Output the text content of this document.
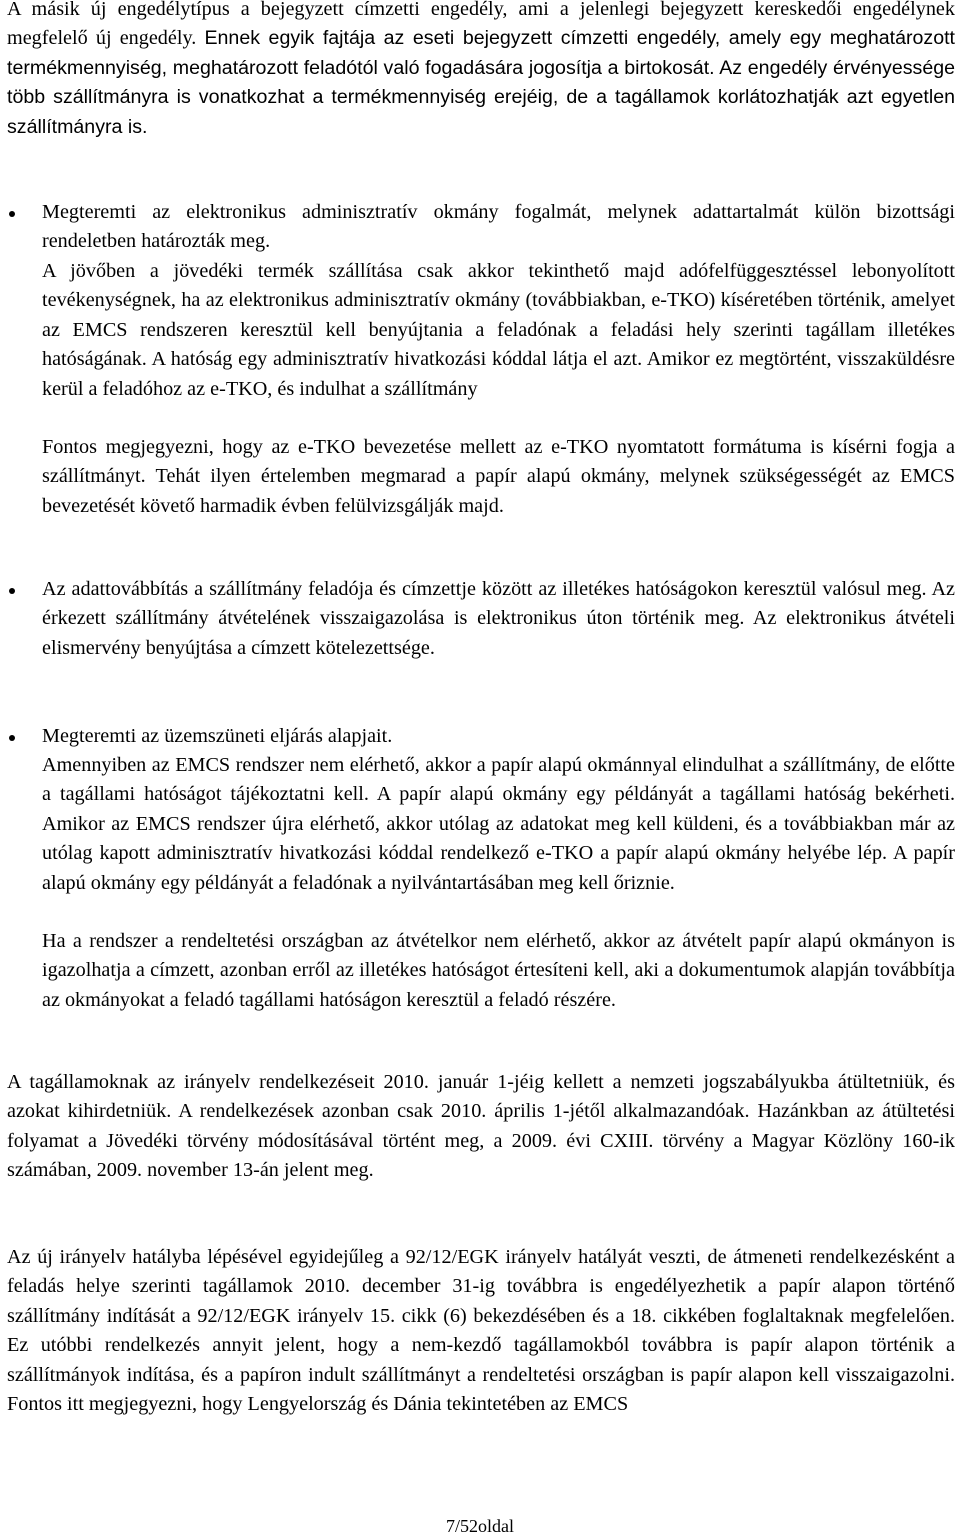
A másik új engedélytípus a bejegyzett címzetti engedély, ami a jelenlegi bejegyzett kereskedői engedélynek megfelelő új engedély. Ennek egyik fajtája az eseti bejegyzett címzetti engedély, amely egy meghatározott termékmennyiség, meghatározott feladótól való fogadására jogosítja a birtokosát. Az engedély érvényessége több szállítmányra is vonatkozhat a termékmennyiség erejéig, de a tagállamok korlátozhatják azt egyetlen szállítmányra is.

Megteremti az elektronikus adminisztratív okmány fogalmát, melynek adattartalmát külön bizottsági rendeletben határozták meg.

A jövőben a jövedéki termék szállítása csak akkor tekinthető majd adófelfüggesztéssel lebonyolított tevékenységnek, ha az elektronikus adminisztratív okmány (továbbiakban, e-TKO) kíséretében történik, amelyet az EMCS rendszeren keresztül kell benyújtania a feladónak a feladási hely szerinti tagállam illetékes hatóságának. A hatóság egy adminisztratív hivatkozási kóddal látja el azt. Amikor ez megtörtént, visszaküldésre kerül a feladóhoz az e-TKO, és indulhat a szállítmány

Fontos megjegyezni, hogy az e-TKO bevezetése mellett az e-TKO nyomtatott formátuma is kísérni fogja a szállítmányt. Tehát ilyen értelemben megmarad a papír alapú okmány, melynek szükségességét az EMCS bevezetését követő harmadik évben felülvizsgálják majd.

Az adattovábbítás a szállítmány feladója és címzettje között az illetékes hatóságokon keresztül valósul meg. Az érkezett szállítmány átvételének visszaigazolása is elektronikus úton történik meg. Az elektronikus átvételi elismervény benyújtása a címzett kötelezettsége.

Megteremti az üzemszüneti eljárás alapjait.

Amennyiben az EMCS rendszer nem elérhető, akkor a papír alapú okmánnyal elindulhat a szállítmány, de előtte a tagállami hatóságot tájékoztatni kell. A papír alapú okmány egy példányát a tagállami hatóság bekérheti. Amikor az EMCS rendszer újra elérhető, akkor utólag az adatokat meg kell küldeni, és a továbbiakban már az utólag kapott adminisztratív hivatkozási kóddal rendelkező e-TKO a papír alapú okmány helyébe lép. A papír alapú okmány egy példányát a feladónak a nyilvántartásában meg kell őriznie.

Ha a rendszer a rendeltetési országban az átvételkor nem elérhető, akkor az átvételt papír alapú okmányon is igazolhatja a címzett, azonban erről az illetékes hatóságot értesíteni kell, aki a dokumentumok alapján továbbítja az okmányokat a feladó tagállami hatóságon keresztül a feladó részére.

A tagállamoknak az irányelv rendelkezéseit 2010. január 1-jéig kellett a nemzeti jogszabályukba átültetniük, és azokat kihirdetniük. A rendelkezések azonban csak 2010. április 1-jétől alkalmazandóak. Hazánkban az átültetési folyamat a Jövedéki törvény módosításával történt meg, a 2009. évi CXIII. törvény a Magyar Közlöny 160-ik számában, 2009. november 13-án jelent meg.

Az új irányelv hatályba lépésével egyidejűleg a 92/12/EGK irányelv hatályát veszti, de átmeneti rendelkezésként a feladás helye szerinti tagállamok 2010. december 31-ig továbbra is engedélyezhetik a papír alapon történő szállítmány indítását a 92/12/EGK irányelv 15. cikk (6) bekezdésében és a 18. cikkében foglaltaknak megfelelően. Ez utóbbi rendelkezés annyit jelent, hogy a nem-kezdő tagállamokból továbbra is papír alapon történik a szállítmányok indítása, és a papíron indult szállítmányt a rendeltetési országban is papír alapon kell visszaigazolni. Fontos itt megjegyezni, hogy Lengyelország és Dánia tekintetében az EMCS

7/52oldal
